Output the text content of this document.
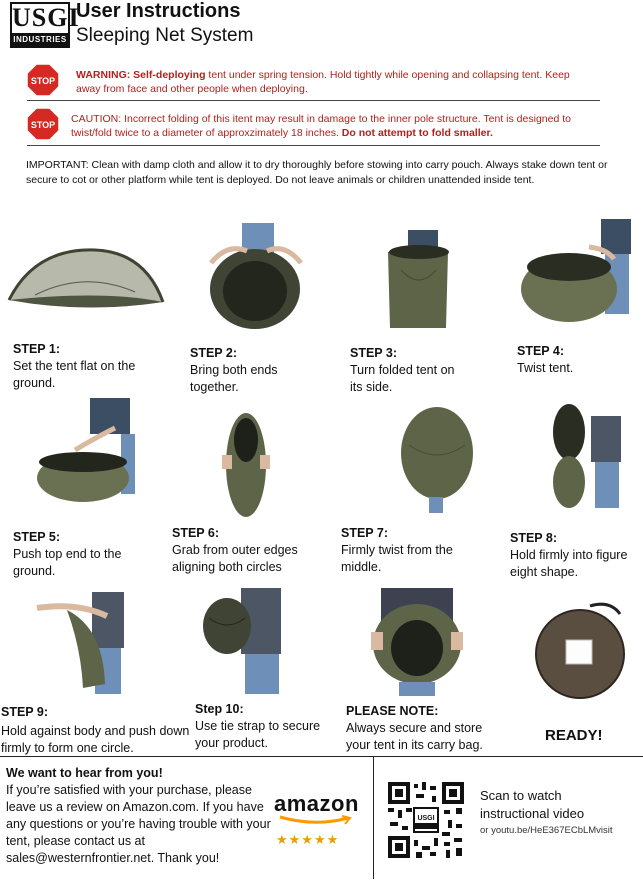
USGI
INDUSTRIES
User Instructions
Sleeping Net System
STOP WARNING: Self-deploying tent under spring tension. Hold tightly while opening and collapsing tent. Keep away from face and other people when deploying.
STOP CAUTION: Incorrect folding of this itent may result in damage to the inner pole structure. Tent is designed to twist/fold twice to a diameter of approxzimately 18 inches. Do not attempt to fold smaller.
IMPORTANT: Clean with damp cloth and allow it to dry thoroughly before stowing into carry pouch. Always stake down tent or secure to cot or other platform while tent is deployed. Do not leave animals or children unattended inside tent.
STEP 1:
Set the tent flat on the ground.
STEP 2:
Bring both ends together.
STEP 3:
Turn folded tent on its side.
STEP 4:
Twist tent.
STEP 5:
Push top end to the ground.
STEP 6:
Grab from outer edges aligning both circles
STEP 7:
Firmly twist from the middle.
STEP 8:
Hold firmly into figure eight shape.
STEP 9:
Hold against body and push down firmly to form one circle.
Step 10:
Use tie strap to secure your product.
PLEASE NOTE:
Always secure and store your tent in its carry bag.
READY!
We want to hear from you!
If you’re satisfied with your purchase, please leave us a review on Amazon.com. If you have any questions or you’re having trouble with your tent, please contact us at sales@westernfrontier.net. Thank you!
amazon
★★★★★
USGI
Scan to watch instructional video
or youtu.be/HeE367ECbLMvisit
